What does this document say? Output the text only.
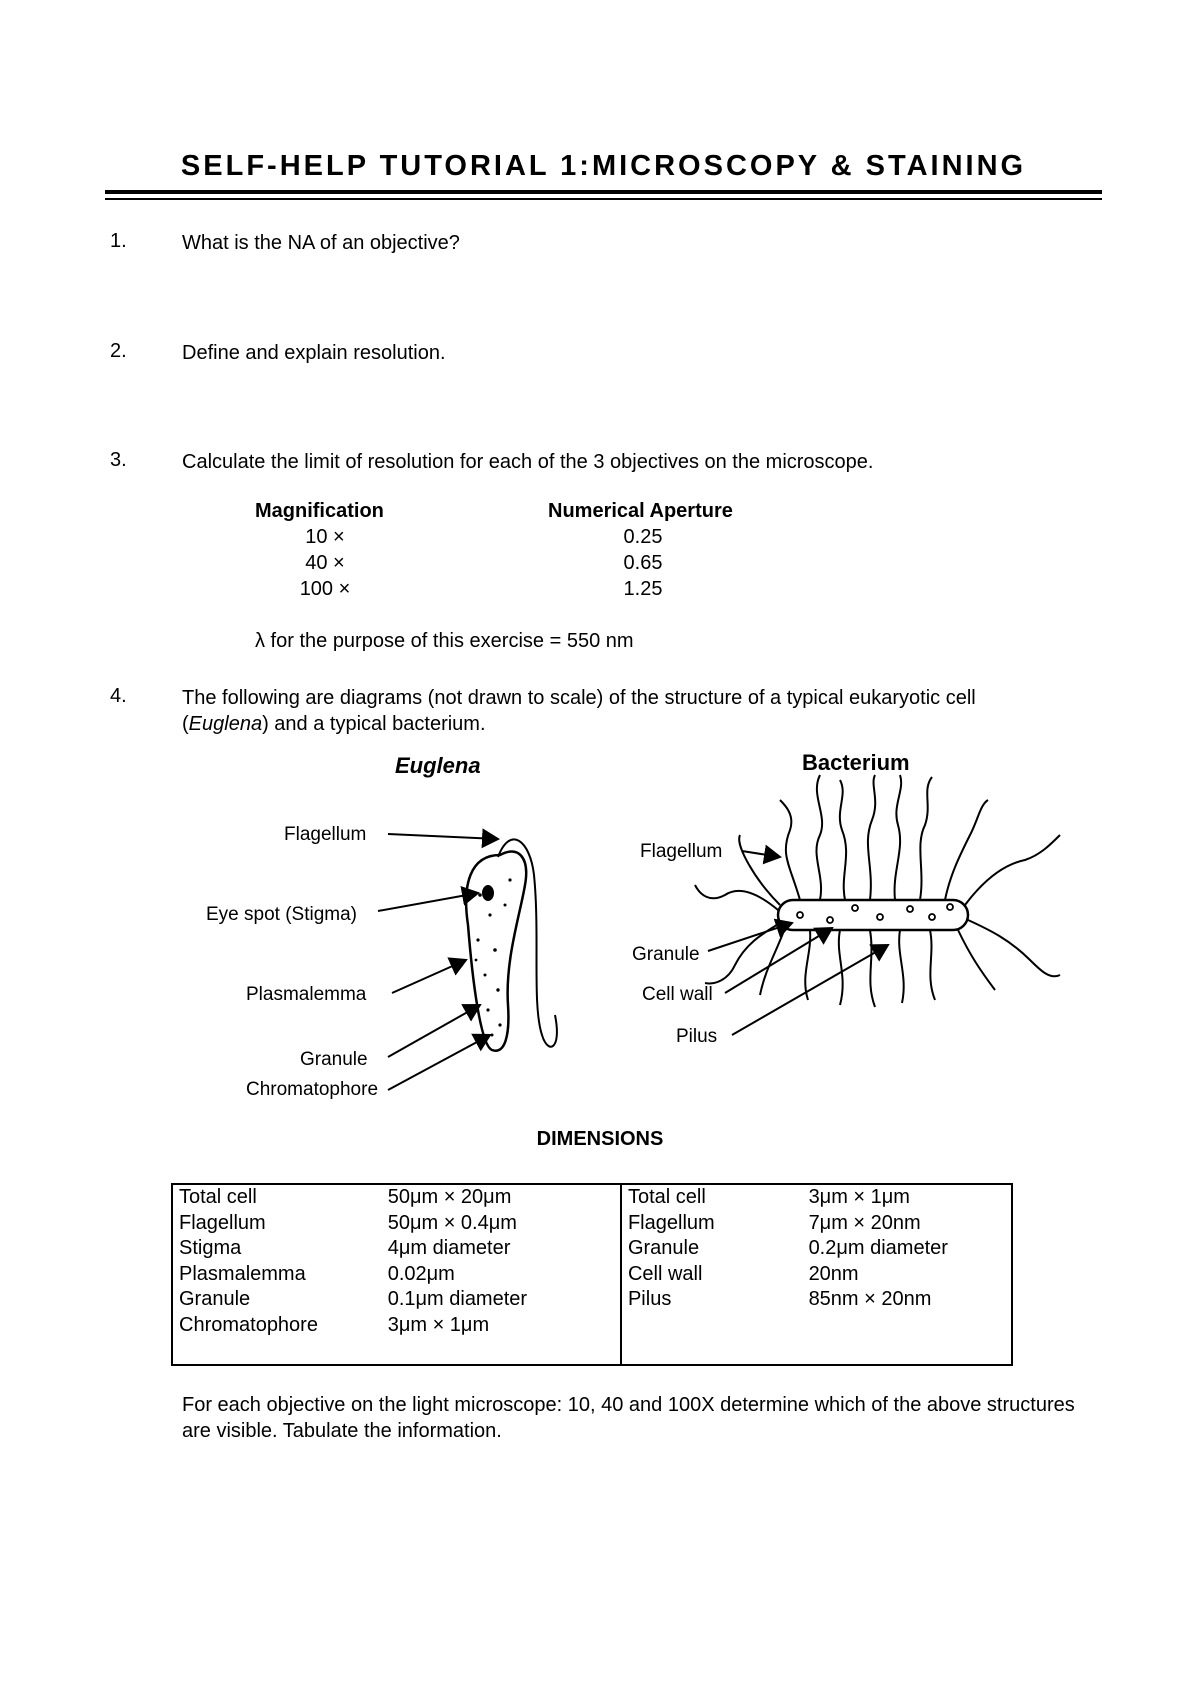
SELF-HELP TUTORIAL 1:MICROSCOPY & STAINING
1.	What is the NA of an objective?
2.	Define and explain resolution.
3.	Calculate the limit of resolution for each of the 3 objectives on the microscope.
Magnification	Numerical Aperture
10 ×	0.25
40 ×	0.65
100 ×	1.25
λ for the purpose of this exercise = 550 nm
4.	The following are diagrams (not drawn to scale) of the structure of a typical eukaryotic cell
(Euglena) and a typical bacterium.
Euglena
Flagellum
Eye spot (Stigma)
Plasmalemma
Granule
Chromatophore
Bacterium
Flagellum
Granule
Cell wall
Pilus
DIMENSIONS
Total cell	50μm × 20μm	Total cell	3μm × 1μm
Flagellum	50μm × 0.4μm	Flagellum	7μm × 20nm
Stigma	4μm diameter	Granule	0.2μm diameter
Plasmalemma	0.02μm	Cell wall	20nm
Granule	0.1μm diameter	Pilus	85nm × 20nm
Chromatophore	3μm × 1μm		

For each objective on the light microscope: 10, 40 and 100X determine which of the above structures are visible. Tabulate the information.
